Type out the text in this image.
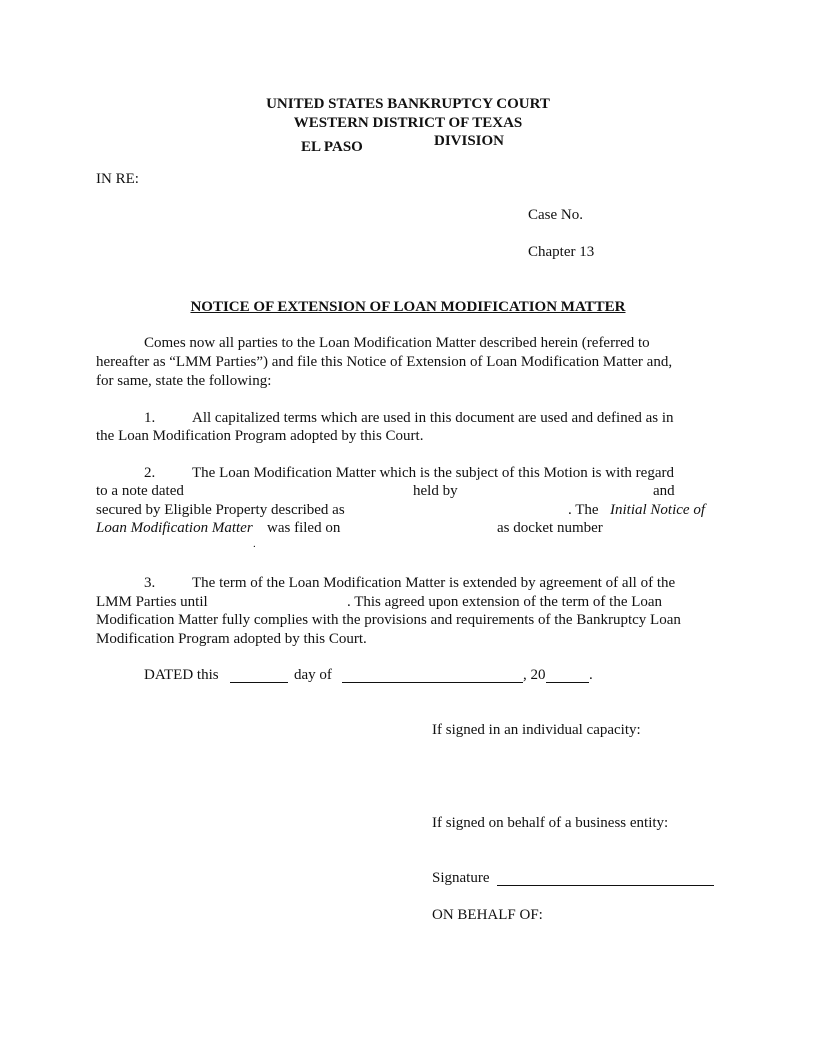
UNITED STATES BANKRUPTCY COURT
WESTERN DISTRICT OF TEXAS
EL PASO	DIVISION
IN RE:
Case No.
Chapter 13
NOTICE OF EXTENSION OF LOAN MODIFICATION MATTER
Comes now all parties to the Loan Modification Matter described herein (referred to
hereafter as “LMM Parties”) and file this Notice of Extension of Loan Modification Matter and,
for same, state the following:
1. All capitalized terms which are used in this document are used and defined as in
the Loan Modification Program adopted by this Court.
2. The Loan Modification Matter which is the subject of this Motion is with regard
to a note dated	held by	and
secured by Eligible Property described as	. The Initial Notice of
Loan Modification Matter was filed on	as docket number
.
3. The term of the Loan Modification Matter is extended by agreement of all of the
LMM Parties until	. This agreed upon extension of the term of the Loan
Modification Matter fully complies with the provisions and requirements of the Bankruptcy Loan
Modification Program adopted by this Court.
DATED this	day of	, 20	.
If signed in an individual capacity:
If signed on behalf of a business entity:
Signature
ON BEHALF OF:
